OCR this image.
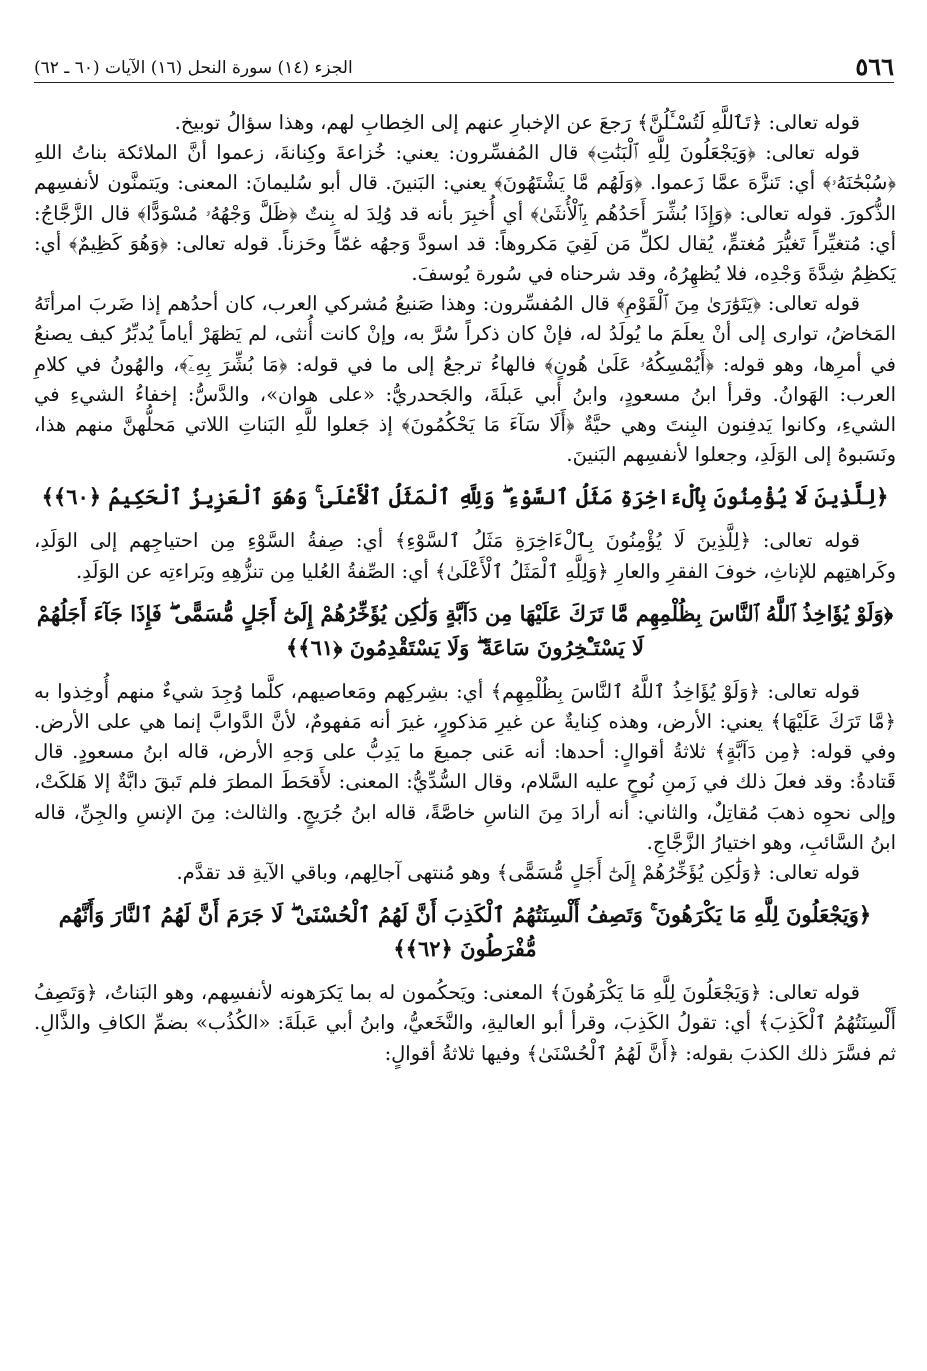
٥٦٦
الجزء (١٤) سورة النحل (١٦) الآيات (٦٠ ـ ٦٢)

قوله تعالى: ﴿تَٱللَّهِ لَتُسْـَٔلُنَّ﴾ رَجعَ عن الإخبارِ عنهم إلى الخِطابِ لهم، وهذا سؤالُ توبيخ.

قوله تعالى: ﴿وَيَجْعَلُونَ لِلَّهِ ٱلْبَنَٰتِ﴾ قال المُفسِّرون: يعني: خُزاعةَ وكِنانةَ، زعموا أنَّ الملائكة بناتُ اللهِ ﴿سُبْحَٰنَهُۥ﴾ أي: تَنزَّهَ عمَّا زَعموا. ﴿وَلَهُم مَّا يَشْتَهُونَ﴾ يعني: البَنينَ. قال أبو سُليمانَ: المعنى: ويَتمنَّون لأنفسِهم الذُّكورَ. قوله تعالى: ﴿وَإِذَا بُشِّرَ أَحَدُهُم بِٱلْأُنثَىٰ﴾ أي أُخبِرَ بأنه قد وُلِدَ له بِنتٌ ﴿ظَلَّ وَجْهُهُۥ مُسْوَدًّا﴾ قال الزَّجَّاجُ: أي: مُتغيِّراً تَغيُّرَ مُغتمٍّ، يُقال لكلِّ مَن لَقِيَ مَكروهاً: قد اسودَّ وَجهُه غمّاً وحَزناً. قوله تعالى: ﴿وَهُوَ كَظِيمٌ﴾ أي: يَكظِمُ شِدَّةَ وَجْدِه، فلا يُظهِرُهُ، وقد شرحناه في سُورة يُوسفَ.

قوله تعالى: ﴿يَتَوَٰرَىٰ مِنَ ٱلْقَوْمِ﴾ قال المُفسِّرون: وهذا صَنيعُ مُشركي العرب، كان أحدُهم إذا ضَربَ امرأتَهُ المَخاضُ، توارى إلى أنْ يعلَمَ ما يُولَدُ له، فإنْ كان ذكراً سُرَّ به، وإنْ كانت أُنثى، لم يَظهَرْ أياماً يُدبِّرُ كيف يصنعُ في أمرِها، وهو قوله: ﴿أَيُمْسِكُهُۥ عَلَىٰ هُونٍ﴾ فالهاءُ ترجعُ إلى ما في قوله: ﴿مَا بُشِّرَ بِهِۦٓ﴾، والهُونُ في كلامِ العرب: الهَوانُ. وقرأ ابنُ مسعودٍ، وابنُ أبي عَبلَةَ، والجَحدريُّ: «على هوان»، والدَّسُّ: إخفاءُ الشيءِ في الشيءِ، وكانوا يَدفِنون البِنتَ وهي حيَّةٌ ﴿أَلَا سَآءَ مَا يَحْكُمُونَ﴾ إذ جَعلوا للَّهِ البَناتِ اللاتي مَحلُّهنَّ منهم هذا، ونَسَبوهُ إلى الوَلَدِ، وجعلوا لأنفسِهم البَنينَ.

﴿لِلَّذِينَ لَا يُؤْمِنُونَ بِٱلْءَاخِرَةِ مَثَلُ ٱلسَّوْءِ ۖ وَلِلَّهِ ٱلْمَثَلُ ٱلْأَعْلَىٰ ۚ وَهُوَ ٱلْعَزِيزُ ٱلْحَكِيمُ ﴿٦٠﴾﴾

قوله تعالى: ﴿لِلَّذِينَ لَا يُؤْمِنُونَ بِٱلْءَاخِرَةِ مَثَلُ ٱلسَّوْءِ﴾ أي: صِفةُ السَّوْءِ مِن احتياجِهم إلى الوَلَدِ، وكَراهتِهم للإناثِ، خوفَ الفقرِ والعارِ ﴿وَلِلَّهِ ٱلْمَثَلُ ٱلْأَعْلَىٰ﴾ أي: الصِّفةُ العُليا مِن تنزُّهِهِ وبَراءتِه عن الوَلَدِ.

﴿وَلَوْ يُؤَاخِذُ ٱللَّهُ ٱلنَّاسَ بِظُلْمِهِم مَّا تَرَكَ عَلَيْهَا مِن دَآبَّةٍ وَلَٰكِن يُؤَخِّرُهُمْ إِلَىٰٓ أَجَلٍ مُّسَمًّى ۖ فَإِذَا جَآءَ أَجَلُهُمْ لَا يَسْتَـْٔخِرُونَ سَاعَةً ۖ وَلَا يَسْتَقْدِمُونَ ﴿٦١﴾﴾

قوله تعالى: ﴿وَلَوْ يُؤَاخِذُ ٱللَّهُ ٱلنَّاسَ بِظُلْمِهِم﴾ أي: بشِركِهم ومَعاصيهم، كلَّما وُجِدَ شيءٌ منهم أُوخِذوا به ﴿مَّا تَرَكَ عَلَيْهَا﴾ يعني: الأرض، وهذه كِنايةٌ عن غيرِ مَذكورٍ، غيرَ أنه مَفهومٌ، لأنَّ الدَّوابَّ إنما هي على الأرض. وفي قوله: ﴿مِن دَآبَّةٍ﴾ ثلاثةُ أقوالٍ: أحدها: أنه عَنى جميعَ ما يَدِبُّ على وَجهِ الأرض، قاله ابنُ مسعودٍ. قال قَتادةُ: وقد فعلَ ذلك في زَمنِ نُوحٍ عليه السَّلام، وقال السُّدِّيُّ: المعنى: لأَقحَطَ المطرَ فلم تَبقَ دابَّةٌ إلا هَلكَتْ، وإلى نحوِه ذهبَ مُقاتِلٌ، والثاني: أنه أرادَ مِنَ الناسِ خاصَّةً، قاله ابنُ جُرَيجٍ. والثالث: مِنَ الإنسِ والجِنِّ، قاله ابنُ السَّائبِ، وهو اختيارُ الزَّجَّاجِ.

قوله تعالى: ﴿وَلَٰكِن يُؤَخِّرُهُمْ إِلَىٰٓ أَجَلٍ مُّسَمًّى﴾ وهو مُنتهى آجالِهم، وباقي الآيةِ قد تقدَّم.

﴿وَيَجْعَلُونَ لِلَّهِ مَا يَكْرَهُونَ ۚ وَتَصِفُ أَلْسِنَتُهُمُ ٱلْكَذِبَ أَنَّ لَهُمُ ٱلْحُسْنَىٰ ۖ لَا جَرَمَ أَنَّ لَهُمُ ٱلنَّارَ وَأَنَّهُم مُّفْرَطُونَ ﴿٦٢﴾﴾

قوله تعالى: ﴿وَيَجْعَلُونَ لِلَّهِ مَا يَكْرَهُونَ﴾ المعنى: ويَحكُمون له بما يَكرَهونه لأنفسِهم، وهو البَناتُ، ﴿وَتَصِفُ أَلْسِنَتُهُمُ ٱلْكَذِبَ﴾ أي: تقولُ الكَذِبَ، وقرأ أبو العاليةِ، والنَّخَعيُّ، وابنُ أبي عَبلَةَ: «الكُذُب» بضمِّ الكافِ والذَّالِ. ثم فسَّرَ ذلك الكذبَ بقوله: ﴿أَنَّ لَهُمُ ٱلْحُسْنَىٰ﴾ وفيها ثلاثةُ أقوالٍ:
